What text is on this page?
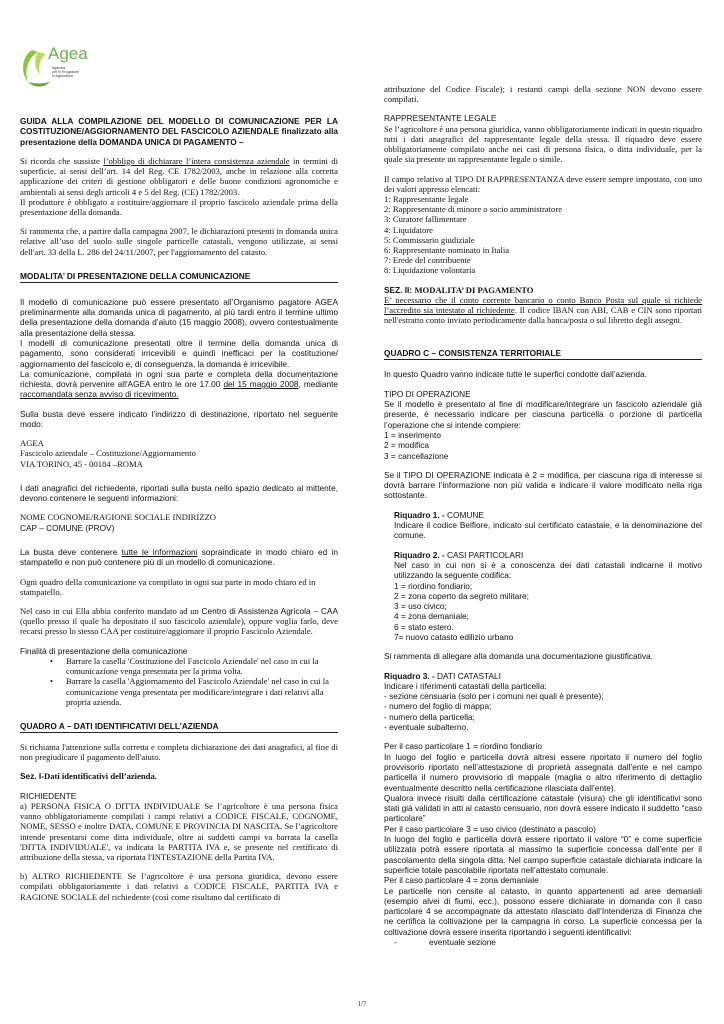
Agea
Agenzia
per le Erogazioni
in Agricoltura

GUIDA ALLA COMPILAZIONE DEL MODELLO DI COMUNICAZIONE PER LA COSTITUZIONE/AGGIORNAMENTO DEL FASCICOLO AZIENDALE finalizzato alla presentazione della DOMANDA UNICA DI PAGAMENTO –

Si ricorda che sussiste l’obbligo di dichiarare l’intera consistenza aziendale in termini di superficie, ai sensi dell’art. 14 del Reg. CE 1782/2003, anche in relazione alla corretta applicazione dei criteri di gestione obbligatori e delle buone condizioni agronomiche e ambientali ai sensi degli articoli 4 e 5 del Reg. (CE) 1782/2003.

Il produttore è obbligato a costituire/aggiornare il proprio fascicolo aziendale prima della presentazione della domanda.

Si rammenta che, a partire dalla campagna 2007, le dichiarazioni presenti in domanda unica relative all’uso del suolo sulle singole particelle catastali, vengono utilizzate, ai sensi dell'art. 33 della L. 286 del 24/11/2007, per l'aggiornamento del catasto.

MODALITA’ DI PRESENTAZIONE DELLA COMUNICAZIONE

Il modello di comunicazione può essere presentato all’Organismo pagatore AGEA preliminarmente alla domanda unica di pagamento, al più tardi entro il termine ultimo della presentazione della domanda d’aiuto (15 maggio 2008), ovvero contestualmente alla presentazione della stessa.

I modelli di comunicazione presentati oltre il termine della domanda unica di pagamento, sono considerati irricevibili e quindi inefficaci per la costituzione/ aggiornamento del fascicolo e, di conseguenza, la domanda è irricevibile.

La comunicazione, compilata in ogni sua parte e completa della documentazione richiesta, dovrà pervenire all'AGEA entro le ore 17.00 del 15 maggio 2008, mediante raccomandata senza avviso di ricevimento.

Sulla busta deve essere indicato l’indirizzo di destinazione, riportato nel seguente modo:

AGEA

Fascicolo aziendale – Costituzione/Aggiornamento

VIA TORINO, 45 - 00184 –ROMA

I dati anagrafici del richiedente, riportati sulla busta nello spazio dedicato al mittente, devono contenere le seguenti informazioni:

NOME COGNOME/RAGIONE SOCIALE INDIRIZZO

CAP – COMUNE (PROV)

La busta deve contenere tutte le informazioni sopraindicate in modo chiaro ed in stampatello e non può contenere più di un modello di comunicazione.

Ogni quadro della comunicazione va compilato in ogni sua parte in modo chiaro ed in stampatello.

Nel caso in cui Ella abbia conferito mandato ad un Centro di Assistenza Agricola – CAA (quello presso il quale ha depositato il suo fascicolo aziendale), oppure voglia farlo, deve recarsi presso lo stesso CAA per costituire/aggiornare il proprio Fascicolo Aziendale.

Finalità di presentazione della comunicazione

• Barrare la casella 'Costituzione del Fascicolo Aziendale' nel caso in cui la comunicazione venga presentata per la prima volta.
• Barrare la casella 'Aggiornamento del Fascicolo Aziendale' nel caso in cui la comunicazione venga presentata per modificare/integrare i dati relativi alla propria azienda.

QUADRO A – DATI IDENTIFICATIVI DELL’AZIENDA

Si richiama l'attenzione sulla corretta e completa dichiarazione dei dati anagrafici, al fine di non pregiudicare il pagamento dell'aiuto.

Sez. I-Dati identificativi dell’azienda.

RICHIEDENTE

a) PERSONA FISICA O DITTA INDIVIDUALE Se l’agricoltore è una persona fisica vanno obbligatoriamente compilati i campi relativi a CODICE FISCALE, COGNOME, NOME, SESSO e inoltre DATA, COMUNE E PROVINCIA DI NASCITA. Se l’agricoltore intende presentarsi come ditta individuale, oltre ai suddetti campi va barrata la casella 'DITTA INDIVIDUALE', va indicata la PARTITA IVA e, se presente nel certificato di attribuzione della stessa, va riportata l'INTESTAZIONE della Partita IVA.

b) ALTRO RICHIEDENTE Se l’agricoltore è una persona giuridica, devono essere compilati obbligatoriamente i dati relativi a CODICE FISCALE, PARTITA IVA e RAGIONE SOCIALE del richiedente (così come risultano dal certificato di

attribuzione del Codice Fiscale); i restanti campi della sezione NON devono essere compilati.

RAPPRESENTANTE LEGALE

Se l’agricoltore è una persona giuridica, vanno obbligatoriamente indicati in questo riquadro tutti i dati anagrafici del rappresentante legale della stessa. Il riquadro deve essere obbligatoriamente compilato anche nei casi di persona fisica, o ditta individuale, per la quale sia presente un rappresentante legale o simile.

Il campo relativo al TIPO DI RAPPRESENTANZA deve essere sempre impostato, con uno dei valori appresso elencati:

1: Rappresentante legale

2: Rappresentante di minore o socio amministratore

3: Curatore fallimentare

4: Liquidatore

5: Commissario giudiziale

6: Rappresentante nominato in Italia

7: Erede del contribuente

8: Liquidazione volontaria

SEZ. II: MODALITA’ DI PAGAMENTO

E’ necessario che il conto corrente bancario o conto Banco Posta sul quale si richiede l’accredito sia intestato al richiedente. Il codice IBAN con ABI, CAB e CIN sono riportati nell'estratto conto inviato periodicamente dalla banca/posta o sul libretto degli assegni.

QUADRO C – CONSISTENZA TERRITORIALE

In questo Quadro vanno indicate tutte le superfici condotte dall’azienda.

TIPO DI OPERAZIONE

Se il modello è presentato al fine di modificare/integrare un fascicolo aziendale già presente, è necessario indicare per ciascuna particella o porzione di particella l’operazione che si intende compiere:

1 = inserimento

2 = modifica

3 = cancellazione

Se il TIPO DI OPERAZIONE indicata è 2 = modifica, per ciascuna riga di interesse si dovrà barrare l’informazione non più valida e indicare il valore modificato nella riga sottostante.

Riquadro 1. - COMUNE

Indicare il codice Belfiore, indicato sul certificato catastale, e la denominazione del comune.

Riquadro 2. - CASI PARTICOLARI

Nel caso in cui non si è a conoscenza dei dati catastali indicarne il motivo utilizzando la seguente codifica:

1 = riordino fondiario;

2 = zona coperto da segreto militare;

3 = uso civico;

4 = zona demaniale;

6 = stato estero.

7= nuovo catasto edilizio urbano

Si rammenta di allegare alla domanda una documentazione giustificativa.

Riquadro 3. - DATI CATASTALI

Indicare i riferimenti catastali della particella:

- sezione censuaria (solo per i comuni nei quali è presente);

- numero del foglio di mappa;

- numero della particella;

- eventuale subalterno.

Per il caso particolare 1 = riordino fondiario

In luogo del foglio e particella dovrà altresì essere riportato il numero del foglio provvisorio riportato nell’attestazione di proprietà assegnata dall’ente e nel campo particella il numero provvisorio di mappale (maglia o altro riferimento di dettaglio eventualmente descritto nella certificazione rilasciata dall’ente).

Qualora invece risulti dalla certificazione catastale (visura) che gli identificativi sono stati già validati in atti al catasto censuario, non dovrà essere indicato il suddetto “caso particolare”

Per il caso particolare 3 = uso civico (destinato a pascolo)

In luogo del foglio e particella dovrà essere riportato il valore “0” e come superficie utilizzata potrà essere riportata al massimo la superficie concessa dall’ente per il pascolamento della singola ditta. Nel campo superficie catastale dichiarata indicare la superficie totale pascolabile riportata nell’attestato comunale.

Per il caso particolare 4 = zona demaniale

Le particelle non censite al catasto, in quanto appartenenti ad aree demaniali (esempio alvei di fiumi, ecc.), possono essere dichiarate in domanda con il caso particolare 4 se accompagnate da attestato rilasciato dall’Intendenza di Finanza che ne certifica la coltivazione per la campagna in corso. La superficie concessa per la coltivazione dovrà essere inserita riportando i seguenti identificativi:

-              eventuale sezione

1/7
